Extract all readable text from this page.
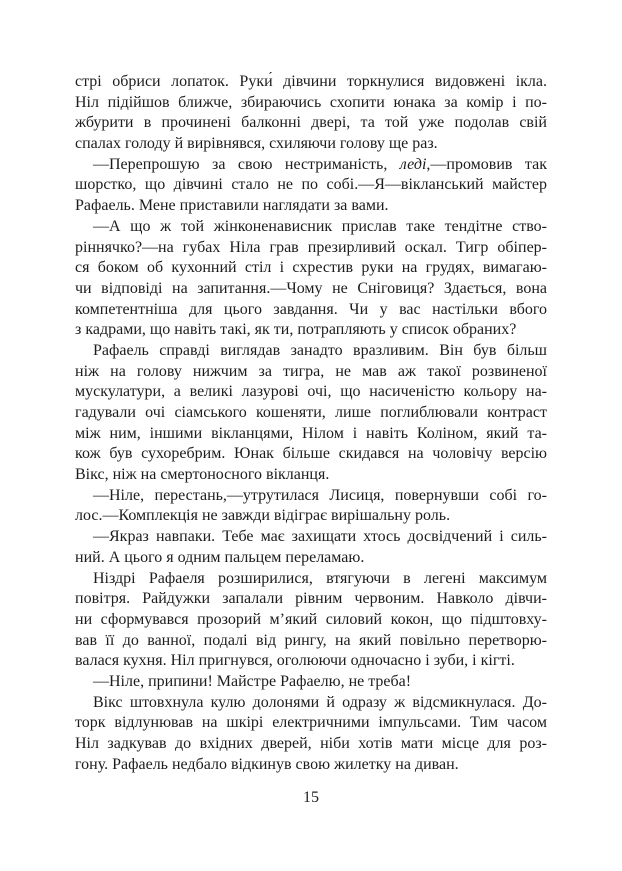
стрі обриси лопаток. Руки́ дівчини торкнулися видовжені ікла.
Ніл підійшов ближче, збираючись схопити юнака за комір і по-
жбурити в прочинені балконні двері, та той уже подолав свій
спалах голоду й вирівнявся, схиляючи голову ще раз.
—Перепрошую за свою нестриманість, леді,—промовив так
шорстко, що дівчині стало не по собі.—Я—вікланський майстер
Рафаель. Мене приставили наглядати за вами.
—А що ж той жінконенависник прислав таке тендітне ство-
ріннячко?—на губах Ніла грав презирливий оскал. Тигр обіпер-
ся боком об кухонний стіл і схрестив руки на грудях, вимагаю-
чи відповіді на запитання.—Чому не Сніговиця? Здається, вона
компетентніша для цього завдання. Чи у вас настільки вбого
з кадрами, що навіть такі, як ти, потрапляють у список обраних?
Рафаель справді виглядав занадто вразливим. Він був більш
ніж на голову нижчим за тигра, не мав аж такої розвиненої
мускулатури, а великі лазурові очі, що насиченістю кольору на-
гадували очі сіамського кошеняти, лише поглиблювали контраст
між ним, іншими вікланцями, Нілом і навіть Коліном, який та-
кож був сухоребрим. Юнак більше скидався на чоловічу версію
Вікс, ніж на смертоносного вікланця.
—Ніле, перестань,—утрутилася Лисиця, повернувши собі го-
лос.—Комплекція не завжди відіграє вирішальну роль.
—Якраз навпаки. Тебе має захищати хтось досвідчений і силь-
ний. А цього я одним пальцем переламаю.
Ніздрі Рафаеля розширилися, втягуючи в легені максимум
повітря. Райдужки запалали рівним червоним. Навколо дівчи-
ни сформувався прозорий м’який силовий кокон, що підштовху-
вав її до ванної, подалі від рингу, на який повільно перетворю-
валася кухня. Ніл пригнувся, оголюючи одночасно і зуби, і кігті.
—Ніле, припини! Майстре Рафаелю, не треба!
Вікс штовхнула кулю долонями й одразу ж відсмикнулася. До-
торк відлунював на шкірі електричними імпульсами. Тим часом
Ніл задкував до вхідних дверей, ніби хотів мати місце для роз-
гону. Рафаель недбало відкинув свою жилетку на диван.
15
